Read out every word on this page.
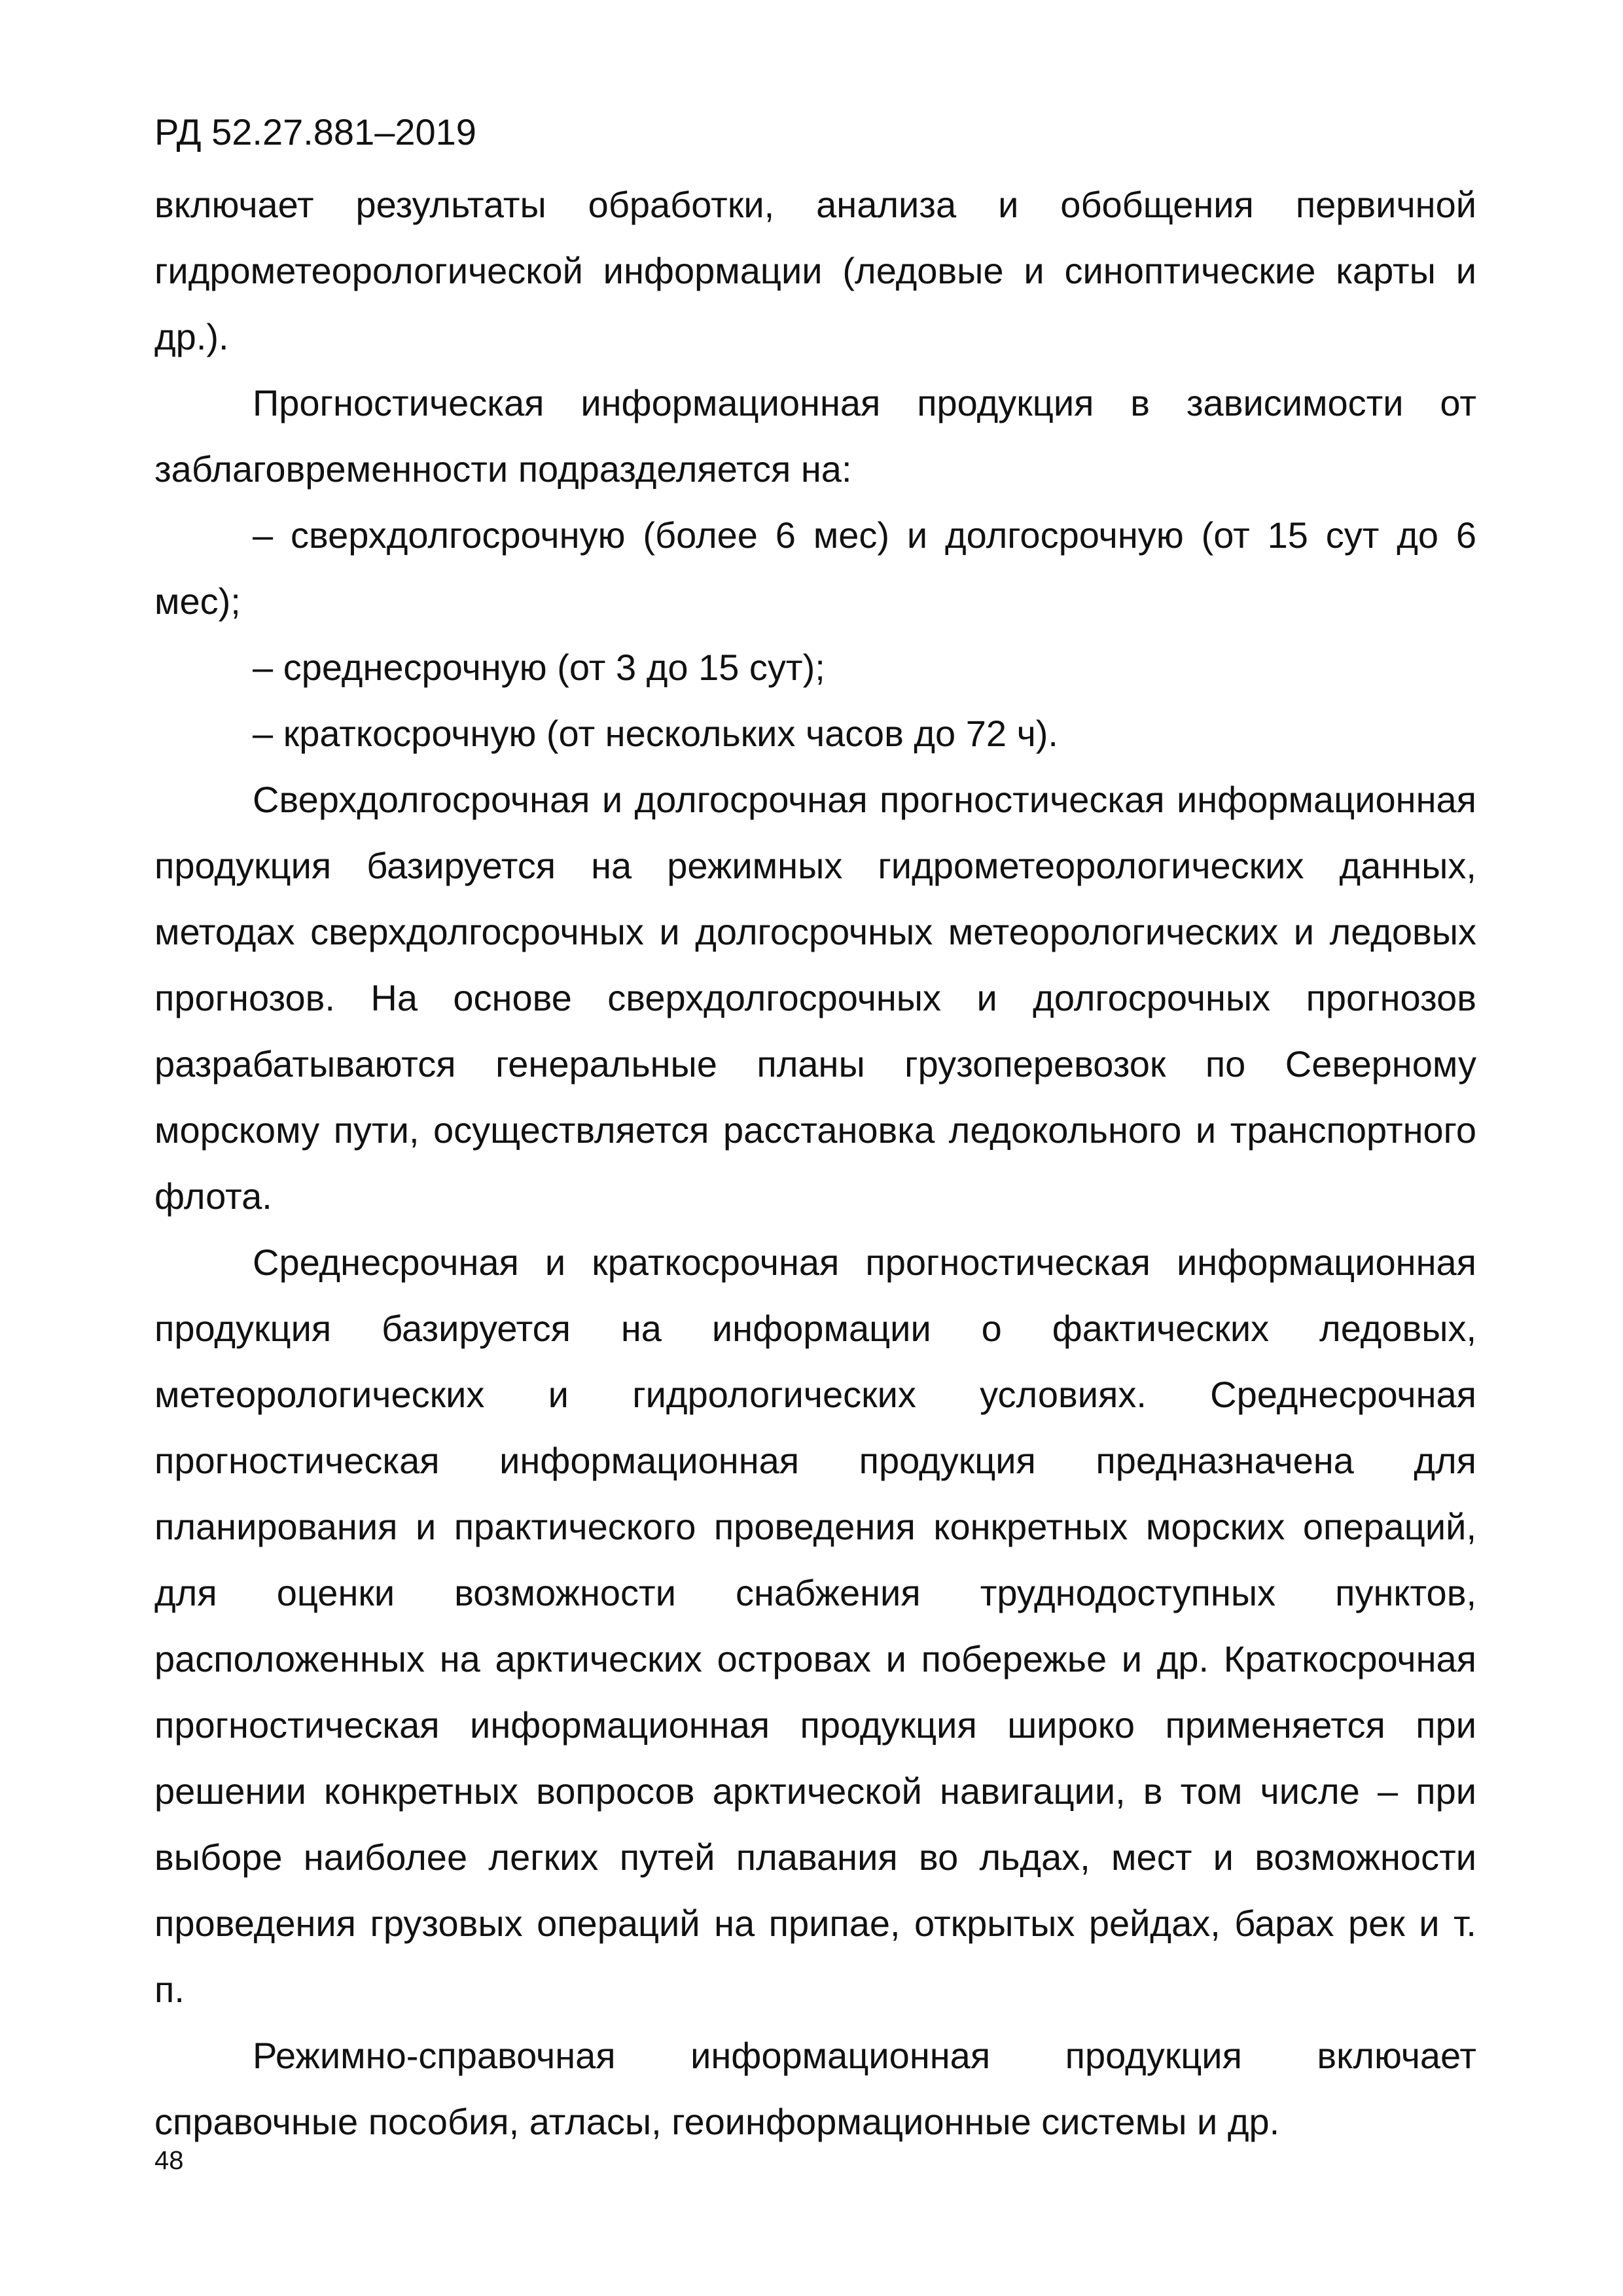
РД 52.27.881–2019

включает результаты обработки, анализа и обобщения первичной гидрометеорологической информации (ледовые и синоптические карты и др.).

Прогностическая информационная продукция в зависимости от заблаговременности подразделяется на:

– сверхдолгосрочную (более 6 мес) и долгосрочную (от 15 сут до 6 мес);

– среднесрочную (от 3 до 15 сут);

– краткосрочную (от нескольких часов до 72 ч).

Сверхдолгосрочная и долгосрочная прогностическая информационная продукция базируется на режимных гидрометеорологических данных, методах сверхдолгосрочных и долгосрочных метеорологических и ледовых прогнозов. На основе сверхдолгосрочных и долгосрочных прогнозов разрабатываются генеральные планы грузоперевозок по Северному морскому пути, осуществляется расстановка ледокольного и транспортного флота.

Среднесрочная и краткосрочная прогностическая информационная продукция базируется на информации о фактических ледовых, метеорологических и гидрологических условиях. Среднесрочная прогностическая информационная продукция предназначена для планирования и практического проведения конкретных морских операций, для оценки возможности снабжения труднодоступных пунктов, расположенных на арктических островах и побережье и др. Краткосрочная прогностическая информационная продукция широко применяется при решении конкретных вопросов арктической навигации, в том числе – при выборе наиболее легких путей плавания во льдах, мест и возможности проведения грузовых операций на припае, открытых рейдах, барах рек и т. п.

Режимно-справочная информационная продукция включает справочные пособия, атласы, геоинформационные системы и др.

48
